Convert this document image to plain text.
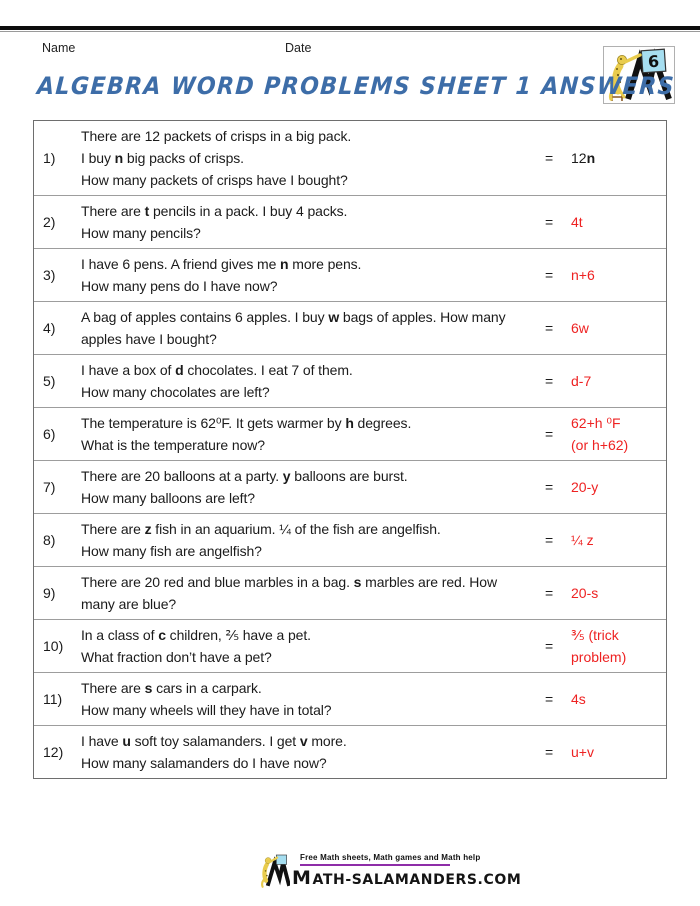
Name	Date
6
ALGEBRA WORD PROBLEMS SHEET 1 ANSWERS
1)
There are 12 packets of crisps in a big pack.
I buy n big packs of crisps.
How many packets of crisps have I bought?
=	12n
2)
There are t pencils in a pack. I buy 4 packs.
How many pencils?
=	4t
3)
I have 6 pens. A friend gives me n more pens.
How many pens do I have now?
=	n+6
4)
A bag of apples contains 6 apples. I buy w bags of apples. How many
apples have I bought?
=	6w
5)
I have a box of d chocolates. I eat 7 of them.
How many chocolates are left?
=	d-7
6)
The temperature is 62⁰F. It gets warmer by h degrees.
What is the temperature now?
=
62+h ⁰F
(or h+62)
7)
There are 20 balloons at a party. y balloons are burst.
How many balloons are left?
=	20-y
8)
There are z fish in an aquarium. ¼ of the fish are angelfish.
How many fish are angelfish?
=	¼ z
9)
There are 20 red and blue marbles in a bag. s marbles are red. How
many are blue?
=	20-s
10)
In a class of c children, ⅖ have a pet.
What fraction don’t have a pet?
=
⅗ (trick
problem)
11)
There are s cars in a carpark.
How many wheels will they have in total?
=	4s
12)
I have u soft toy salamanders. I get v more.
How many salamanders do I have now?
=	u+v
Free Math sheets, Math games and Math help
M ATH-SALAMANDERS.COM
